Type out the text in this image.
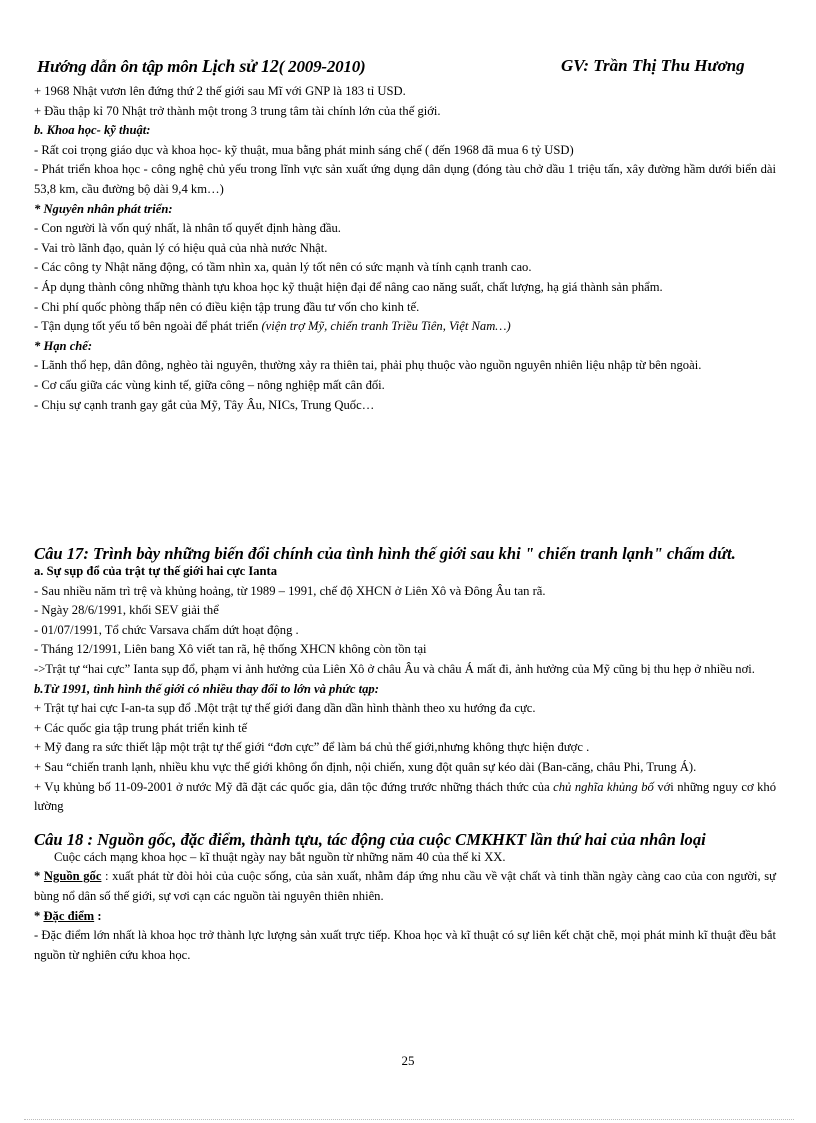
Hướng dẫn ôn tập môn Lịch sử 12( 2009-2010)	GV: Trần Thị Thu Hương

+ 1968 Nhật vươn lên đứng thứ 2 thế giới sau Mĩ với GNP là 183 tỉ USD.

+ Đầu thập kỉ 70 Nhật trở thành một trong 3 trung tâm tài chính lớn của thế giới.

b. Khoa học- kỹ thuật:

- Rất coi trọng giáo dục và khoa học- kỹ thuật, mua bằng phát minh sáng chế ( đến 1968 đã mua 6 tỷ USD)

- Phát triển khoa học - công nghệ chủ yếu trong lĩnh vực sản xuất ứng dụng dân dụng (đóng tàu chở dầu 1 triệu tấn, xây đường hầm dưới biển dài 53,8 km, cầu đường bộ dài 9,4 km…)

* Nguyên nhân phát triển:

- Con người là vốn quý nhất, là nhân tố quyết định hàng đầu.

- Vai trò lãnh đạo, quản lý có hiệu quả của nhà nước Nhật.

- Các công ty Nhật năng động, có tầm nhìn xa, quản lý tốt nên có sức mạnh và tính cạnh tranh cao.

- Áp dụng thành công những thành tựu khoa học kỹ thuật hiện đại để nâng cao năng suất, chất lượng, hạ giá thành sản phẩm.

- Chi phí quốc phòng thấp nên có điều kiện tập trung đầu tư vốn cho kinh tế.

- Tận dụng tốt yếu tố bên ngoài để phát triển (viện trợ Mỹ, chiến tranh Triều Tiên, Việt Nam…)

* Hạn chế:

- Lãnh thổ hẹp, dân đông, nghèo tài nguyên, thường xảy ra thiên tai, phải phụ thuộc vào nguồn nguyên nhiên liệu nhập từ bên ngoài.

- Cơ cấu giữa các vùng kinh tế, giữa công – nông nghiệp mất cân đối.

- Chịu sự cạnh tranh gay gắt của Mỹ, Tây Âu, NICs, Trung Quốc…

Câu 17: Trình bày những biến đổi chính của tình hình thế giới sau khi " chiến tranh lạnh" chấm dứt.

a. Sự sụp đổ của trật tự thế giới hai cực Ianta

- Sau nhiều năm trì trệ và khủng hoảng, từ 1989 – 1991, chế độ XHCN ở Liên Xô và Đông Âu tan rã.

- Ngày 28/6/1991, khối SEV giải thể

- 01/07/1991, Tổ chức Varsava chấm dứt hoạt động .

- Tháng 12/1991, Liên bang Xô viết tan rã, hệ thống XHCN không còn tồn tại

->Trật tự “hai cực” Ianta sụp đổ, phạm vi ảnh hưởng của Liên Xô ở châu Âu và châu Á mất đi, ảnh hưởng của Mỹ cũng bị thu hẹp ở nhiều nơi.

b.Từ 1991, tình hình thế giới có nhiều thay đổi to lớn và phức tạp:

+ Trật tự hai cực I-an-ta sụp đổ .Một trật tự thế giới đang dần dần hình thành theo xu hướng đa cực.

+ Các quốc gia tập trung phát triển kinh tế

+ Mỹ đang ra sức thiết lập một trật tự thế giới “đơn cực” để làm bá chủ thế giới,nhưng không thực hiện được .

+ Sau “chiến tranh lạnh, nhiều khu vực thế giới không ổn định, nội chiến, xung đột quân sự kéo dài (Ban-căng, châu Phi, Trung Á).

+ Vụ khủng bố 11-09-2001 ở nước Mỹ đã đặt các quốc gia, dân tộc đứng trước những thách thức của chủ nghĩa khủng bố với những nguy cơ khó lường

Câu 18 : Nguồn gốc, đặc điểm, thành tựu, tác động của cuộc CMKHKT lần thứ hai của nhân loại

Cuộc cách mạng khoa học – kĩ thuật ngày nay bắt nguồn từ những năm 40 của thế kỉ XX.

* Nguồn gốc : xuất phát từ đòi hỏi của cuộc sống, của sản xuất, nhằm đáp ứng nhu cầu về vật chất và tinh thần ngày càng cao của con người, sự bùng nổ dân số thế giới, sự vơi cạn các nguồn tài nguyên thiên nhiên.

* Đặc điểm :

- Đặc điểm lớn nhất là khoa học trở thành lực lượng sản xuất trực tiếp. Khoa học và kĩ thuật có sự liên kết chặt chẽ, mọi phát minh kĩ thuật đều bắt nguồn từ nghiên cứu khoa học.

25
